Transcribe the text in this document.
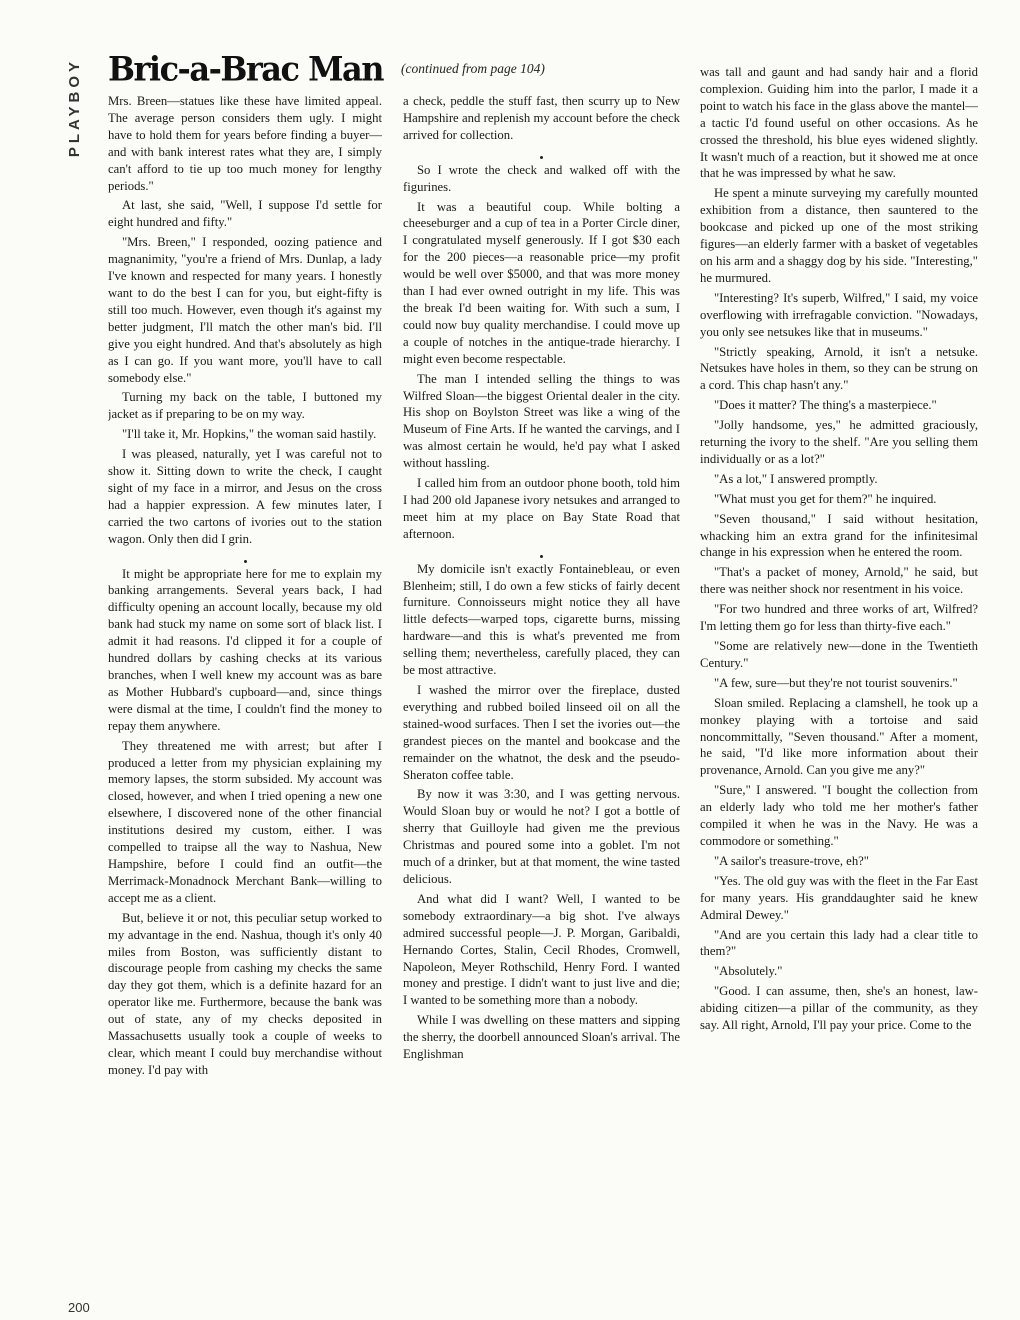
PLAYBOY
200
Bric-a-Brac Man (continued from page 104)

Mrs. Breen—statues like these have limited appeal. The average person considers them ugly. I might have to hold them for years before finding a buyer—and with bank interest rates what they are, I simply can't afford to tie up too much money for lengthy periods."

At last, she said, "Well, I suppose I'd settle for eight hundred and fifty."

"Mrs. Breen," I responded, oozing patience and magnanimity, "you're a friend of Mrs. Dunlap, a lady I've known and respected for many years. I honestly want to do the best I can for you, but eight-fifty is still too much. However, even though it's against my better judgment, I'll match the other man's bid. I'll give you eight hundred. And that's absolutely as high as I can go. If you want more, you'll have to call somebody else."

Turning my back on the table, I buttoned my jacket as if preparing to be on my way.

"I'll take it, Mr. Hopkins," the woman said hastily.

I was pleased, naturally, yet I was careful not to show it. Sitting down to write the check, I caught sight of my face in a mirror, and Jesus on the cross had a happier expression. A few minutes later, I carried the two cartons of ivories out to the station wagon. Only then did I grin.

It might be appropriate here for me to explain my banking arrangements. Several years back, I had difficulty opening an account locally, because my old bank had stuck my name on some sort of black list. I admit it had reasons. I'd clipped it for a couple of hundred dollars by cashing checks at its various branches, when I well knew my account was as bare as Mother Hubbard's cupboard—and, since things were dismal at the time, I couldn't find the money to repay them anywhere.

They threatened me with arrest; but after I produced a letter from my physician explaining my memory lapses, the storm subsided. My account was closed, however, and when I tried opening a new one elsewhere, I discovered none of the other financial institutions desired my custom, either. I was compelled to traipse all the way to Nashua, New Hampshire, before I could find an outfit—the Merrimack-Monadnock Merchant Bank—willing to accept me as a client.

But, believe it or not, this peculiar setup worked to my advantage in the end. Nashua, though it's only 40 miles from Boston, was sufficiently distant to discourage people from cashing my checks the same day they got them, which is a definite hazard for an operator like me. Furthermore, because the bank was out of state, any of my checks deposited in Massachusetts usually took a couple of weeks to clear, which meant I could buy merchandise without money. I'd pay with

a check, peddle the stuff fast, then scurry up to New Hampshire and replenish my account before the check arrived for collection.

So I wrote the check and walked off with the figurines.

It was a beautiful coup. While bolting a cheeseburger and a cup of tea in a Porter Circle diner, I congratulated myself generously. If I got $30 each for the 200 pieces—a reasonable price—my profit would be well over $5000, and that was more money than I had ever owned outright in my life. This was the break I'd been waiting for. With such a sum, I could now buy quality merchandise. I could move up a couple of notches in the antique-trade hierarchy. I might even become respectable.

The man I intended selling the things to was Wilfred Sloan—the biggest Oriental dealer in the city. His shop on Boylston Street was like a wing of the Museum of Fine Arts. If he wanted the carvings, and I was almost certain he would, he'd pay what I asked without hassling.

I called him from an outdoor phone booth, told him I had 200 old Japanese ivory netsukes and arranged to meet him at my place on Bay State Road that afternoon.

My domicile isn't exactly Fontainebleau, or even Blenheim; still, I do own a few sticks of fairly decent furniture. Connoisseurs might notice they all have little defects—warped tops, cigarette burns, missing hardware—and this is what's prevented me from selling them; nevertheless, carefully placed, they can be most attractive.

I washed the mirror over the fireplace, dusted everything and rubbed boiled linseed oil on all the stained-wood surfaces. Then I set the ivories out—the grandest pieces on the mantel and bookcase and the remainder on the whatnot, the desk and the pseudo-Sheraton coffee table.

By now it was 3:30, and I was getting nervous. Would Sloan buy or would he not? I got a bottle of sherry that Guilloyle had given me the previous Christmas and poured some into a goblet. I'm not much of a drinker, but at that moment, the wine tasted delicious.

And what did I want? Well, I wanted to be somebody extraordinary—a big shot. I've always admired successful people—J. P. Morgan, Garibaldi, Hernando Cortes, Stalin, Cecil Rhodes, Cromwell, Napoleon, Meyer Rothschild, Henry Ford. I wanted money and prestige. I didn't want to just live and die; I wanted to be something more than a nobody.

While I was dwelling on these matters and sipping the sherry, the doorbell announced Sloan's arrival. The Englishman

was tall and gaunt and had sandy hair and a florid complexion. Guiding him into the parlor, I made it a point to watch his face in the glass above the mantel—a tactic I'd found useful on other occasions. As he crossed the threshold, his blue eyes widened slightly. It wasn't much of a reaction, but it showed me at once that he was impressed by what he saw.

He spent a minute surveying my carefully mounted exhibition from a distance, then sauntered to the bookcase and picked up one of the most striking figures—an elderly farmer with a basket of vegetables on his arm and a shaggy dog by his side. "Interesting," he murmured.

"Interesting? It's superb, Wilfred," I said, my voice overflowing with irrefragable conviction. "Nowadays, you only see netsukes like that in museums."

"Strictly speaking, Arnold, it isn't a netsuke. Netsukes have holes in them, so they can be strung on a cord. This chap hasn't any."

"Does it matter? The thing's a masterpiece."

"Jolly handsome, yes," he admitted graciously, returning the ivory to the shelf. "Are you selling them individually or as a lot?"

"As a lot," I answered promptly.

"What must you get for them?" he inquired.

"Seven thousand," I said without hesitation, whacking him an extra grand for the infinitesimal change in his expression when he entered the room.

"That's a packet of money, Arnold," he said, but there was neither shock nor resentment in his voice.

"For two hundred and three works of art, Wilfred? I'm letting them go for less than thirty-five each."

"Some are relatively new—done in the Twentieth Century."

"A few, sure—but they're not tourist souvenirs."

Sloan smiled. Replacing a clamshell, he took up a monkey playing with a tortoise and said noncommittally, "Seven thousand." After a moment, he said, "I'd like more information about their provenance, Arnold. Can you give me any?"

"Sure," I answered. "I bought the collection from an elderly lady who told me her mother's father compiled it when he was in the Navy. He was a commodore or something."

"A sailor's treasure-trove, eh?"

"Yes. The old guy was with the fleet in the Far East for many years. His granddaughter said he knew Admiral Dewey."

"And are you certain this lady had a clear title to them?"

"Absolutely."

"Good. I can assume, then, she's an honest, law-abiding citizen—a pillar of the community, as they say. All right, Arnold, I'll pay your price. Come to the
